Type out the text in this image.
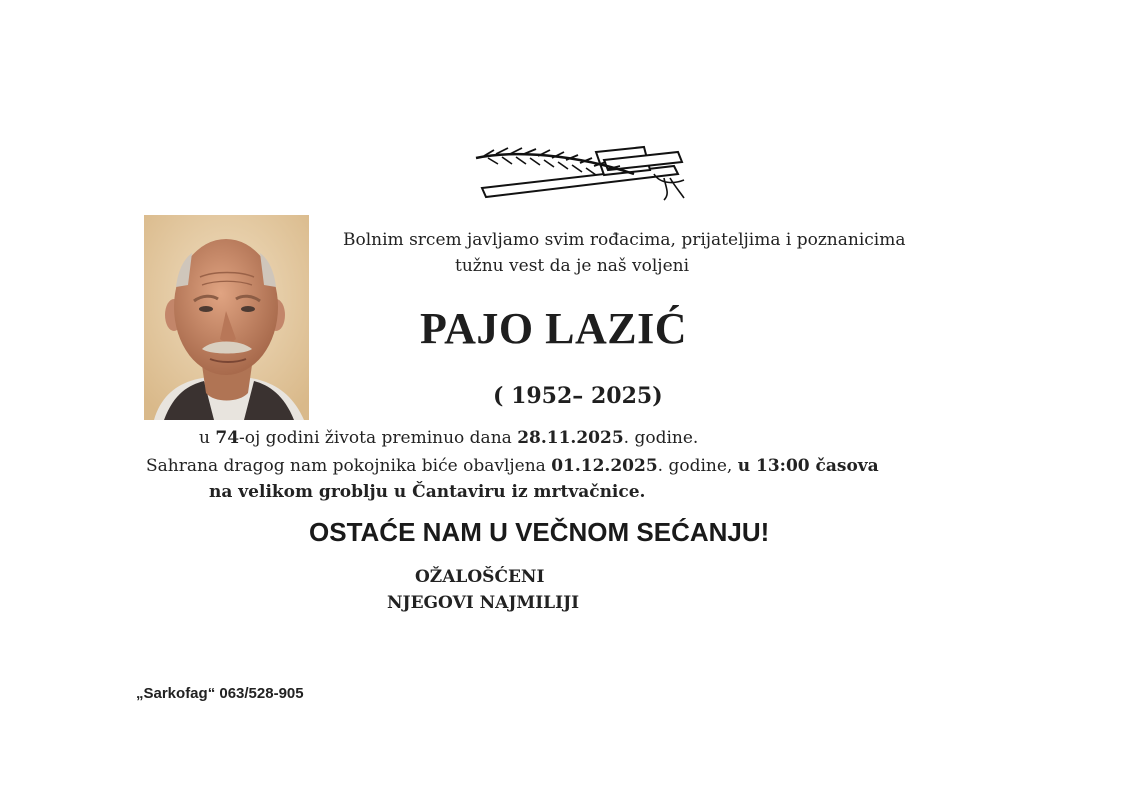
Bolnim srcem javljamo svim rođacima, prijateljima i poznanicima
tužnu vest da je naš voljeni
PAJO LAZIĆ
( 1952– 2025)
u 74-oj godini života preminuo dana 28.11.2025. godine.
Sahrana dragog nam pokojnika biće obavljena 01.12.2025. godine, u 13:00 časova
na velikom groblju u Čantaviru iz mrtvačnice.
OSTAĆE NAM U VEČNOM SEĆANJU!
OŽALOŠĆENI
NJEGOVI NAJMILIJI
„Sarkofag“ 063/528-905
